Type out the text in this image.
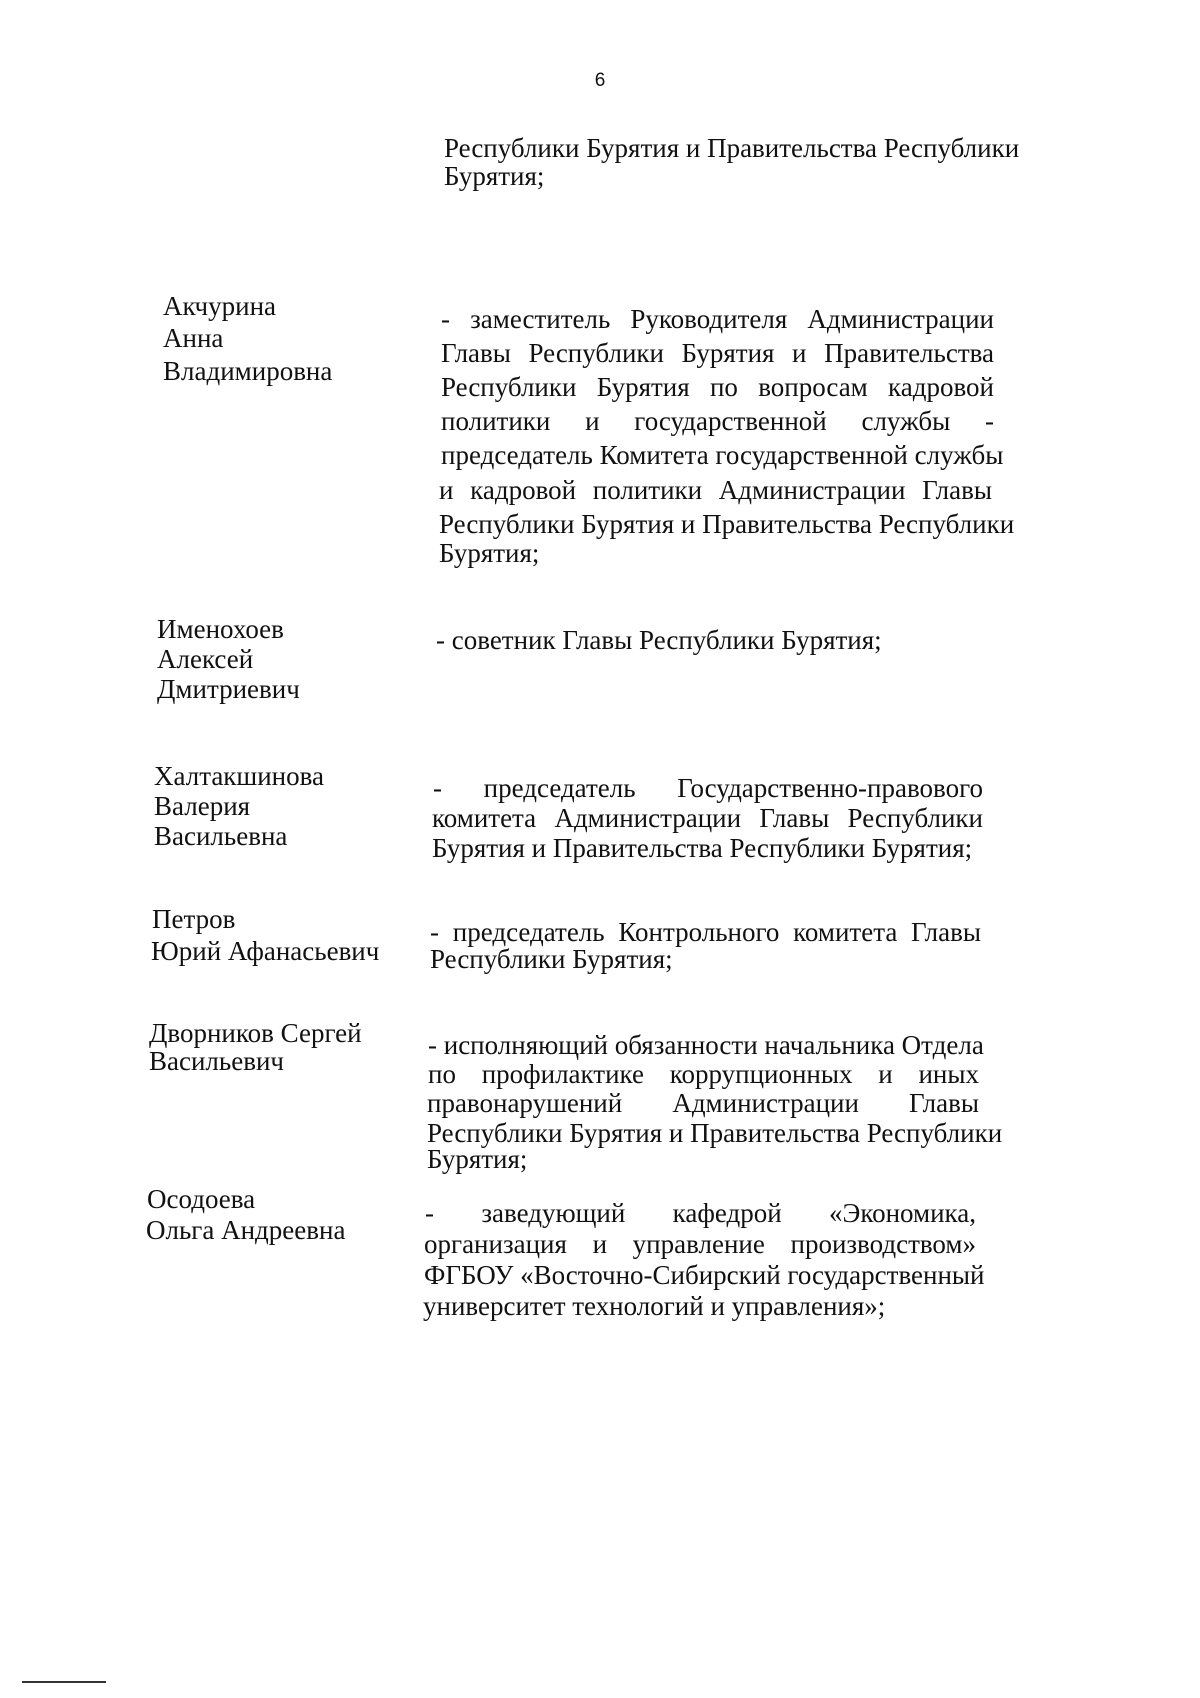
6
Республики Бурятия и Правительства Республики
Бурятия;
Акчурина
Анна
Владимировна
- заместитель Руководителя Администрации
Главы Республики Бурятия и Правительства
Республики Бурятия по вопросам кадровой
политики и государственной службы -
председатель Комитета государственной службы
и кадровой политики Администрации Главы
Республики Бурятия и Правительства Республики
Бурятия;
Именохоев
Алексей
Дмитриевич
- советник Главы Республики Бурятия;
Халтакшинова
Валерия
Васильевна
- председатель Государственно-правового
комитета Администрации Главы Республики
Бурятия и Правительства Республики Бурятия;
Петров
Юрий Афанасьевич
- председатель Контрольного комитета Главы
Республики Бурятия;
Дворников Сергей
Васильевич
- исполняющий обязанности начальника Отдела
по профилактике коррупционных и иных
правонарушений Администрации Главы
Республики Бурятия и Правительства Республики
Бурятия;
Осодоева
Ольга Андреевна
- заведующий кафедрой «Экономика,
организация и управление производством»
ФГБОУ «Восточно-Сибирский государственный
университет технологий и управления»;
